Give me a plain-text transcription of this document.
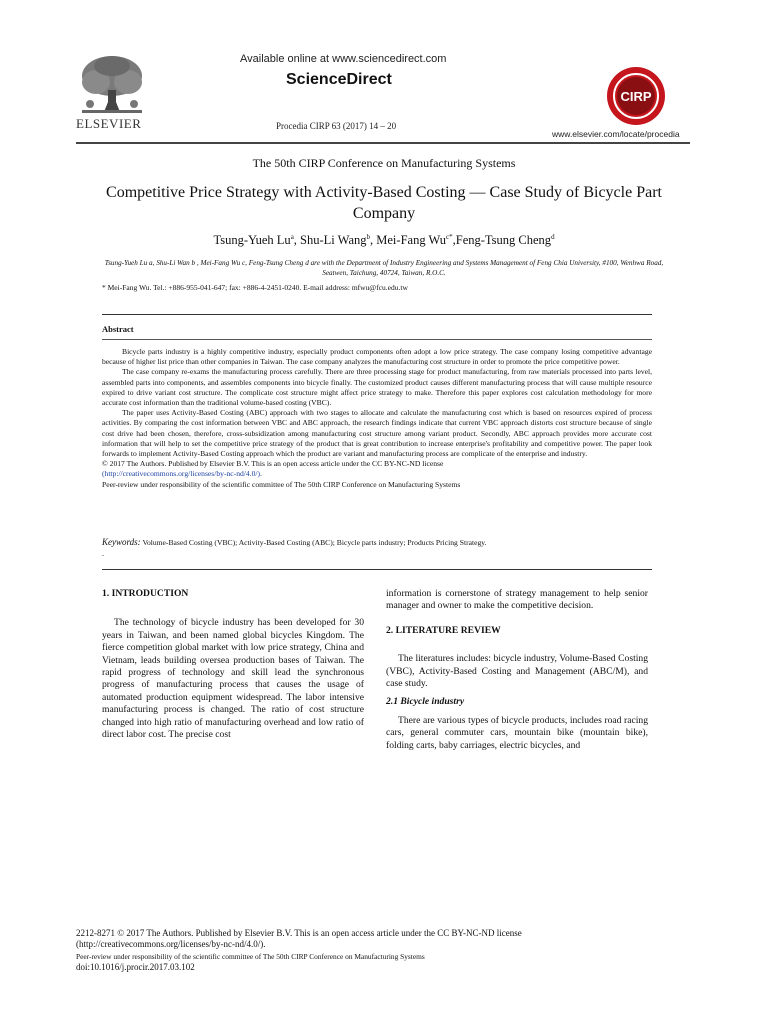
ELSEVIER
Available online at www.sciencedirect.com
ScienceDirect
Procedia CIRP 63 (2017) 14 – 20
CIRP
www.elsevier.com/locate/procedia
The 50th CIRP Conference on Manufacturing Systems
Competitive Price Strategy with Activity-Based Costing — Case Study of Bicycle Part Company
Tsung-Yueh Lu$^a$, Shu-Li Wang$^b$, Mei-Fang $Wu^{c*},Feng$-Tsung Cheng$^d$
Tsung-Yueh Lu a, Shu-Li Wan b , Mei-Fang Wu c, Feng-Tsung Cheng d are with the Department of Industry Engineering and Systems Management of Feng Chia University, #100, Wenhwa Road, Seatwen, Taichung, 40724, Taiwan, R.O.C.
* Mei-Fang Wu. Tel.: +886-955-041-647; fax: +886-4-2451-0240. E-mail address: mfwu@fcu.edu.tw
Abstract

Bicycle parts industry is a highly competitive industry, especially product components often adopt a low price strategy. The case company losing competitive advantage because of higher list price than other companies in Taiwan. The case company analyzes the manufacturing cost structure in order to promote the price competitive power.

The case company re-exams the manufacturing process carefully. There are three processing stage for product manufacturing, from raw materials processed into parts level, assembled parts into components, and assembles components into bicycle finally. The customized product causes different manufacturing process that will cause multiple resource expired to drive variant cost structure. The complicate cost structure might affect price strategy to make. Therefore this paper explores cost calculation methodology for more accurate cost information than the traditional volume-based costing (VBC).

The paper uses Activity-Based Costing (ABC) approach with two stages to allocate and calculate the manufacturing cost which is based on resources expired of process activities. By comparing the cost information between VBC and ABC approach, the research findings indicate that current VBC approach distorts cost structure because of single cost drive had been chosen, therefore, cross-subsidization among manufacturing cost structure among variant product. Secondly, ABC approach provides more accurate cost information that will help to set the competitive price strategy of the product that is great contribution to increase enterprise's profitability and competitive power. The paper look forwards to implement Activity-Based Costing approach which the product are variant and manufacturing process are complicate of the enterprise and industry.

© 2017 The Authors. Published by Elsevier B.V. This is an open access article under the CC BY-NC-ND license

(http://creativecommons.org/licenses/by-nc-nd/4.0/).

Peer-review under responsibility of the scientific committee of The 50th CIRP Conference on Manufacturing Systems

Keywords: Volume-Based Costing (VBC); Activity-Based Costing (ABC); Bicycle parts industry; Products Pricing Strategy.
.
1. INTRODUCTION

The technology of bicycle industry has been developed for 30 years in Taiwan, and been named global bicycles Kingdom. The fierce competition global market with low price strategy, China and Vietnam, leads building oversea production bases of Taiwan. The rapid progress of technology and skill lead the synchronous progress of manufacturing process that causes the usage of automated production equipment widespread. The labor intensive manufacturing process is changed. The ratio of cost structure changed into high ratio of manufacturing overhead and low ratio of direct labor cost. The precise cost

information is cornerstone of strategy management to help senior manager and owner to make the competitive decision.

2. LITERATURE REVIEW

The literatures includes: bicycle industry, Volume-Based Costing (VBC), Activity-Based Costing and Management (ABC/M), and case study.

2.1 Bicycle industry

There are various types of bicycle products, includes road racing cars, general commuter cars, mountain bike (mountain bike), folding carts, baby carriages, electric bicycles, and

2212-8271 © 2017 The Authors. Published by Elsevier B.V. This is an open access article under the CC BY-NC-ND license
(http://creativecommons.org/licenses/by-nc-nd/4.0/).
Peer-review under responsibility of the scientific committee of The 50th CIRP Conference on Manufacturing Systems
doi:10.1016/j.procir.2017.03.102
